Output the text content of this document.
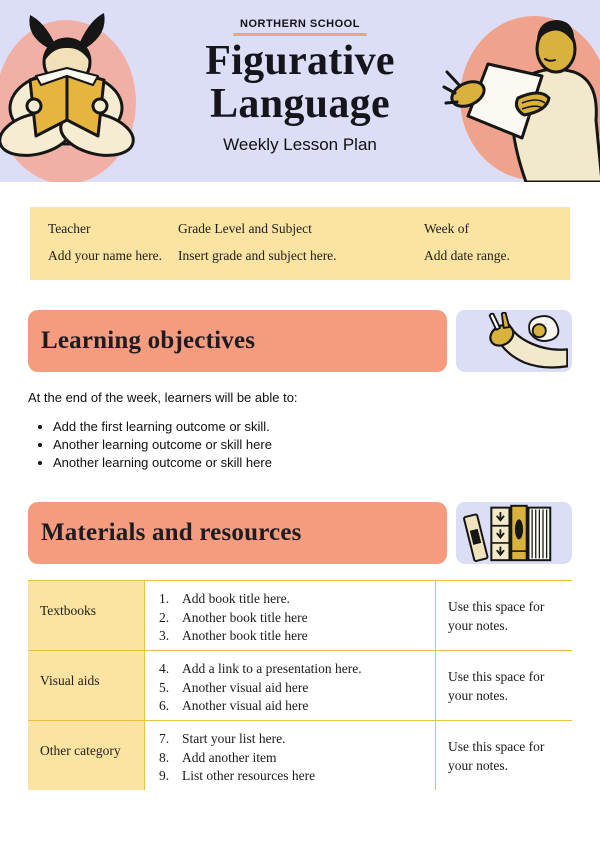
NORTHERN SCHOOL
Figurative
Language
Weekly Lesson Plan
Teacher
Add your name here.
Grade Level and Subject
Insert grade and subject here.
Week of
Add date range.
Learning objectives
At the end of the week, learners will be able to:
Add the first learning outcome or skill.
Another learning outcome or skill here
Another learning outcome or skill here
Materials and resources
Textbooks
1. Add book title here.
2. Another book title here
3. Another book title here
Use this space for your notes.
Visual aids
4. Add a link to a presentation here.
5. Another visual aid here
6. Another visual aid here
Use this space for your notes.
Other category
7. Start your list here.
8. Add another item
9. List other resources here
Use this space for your notes.
